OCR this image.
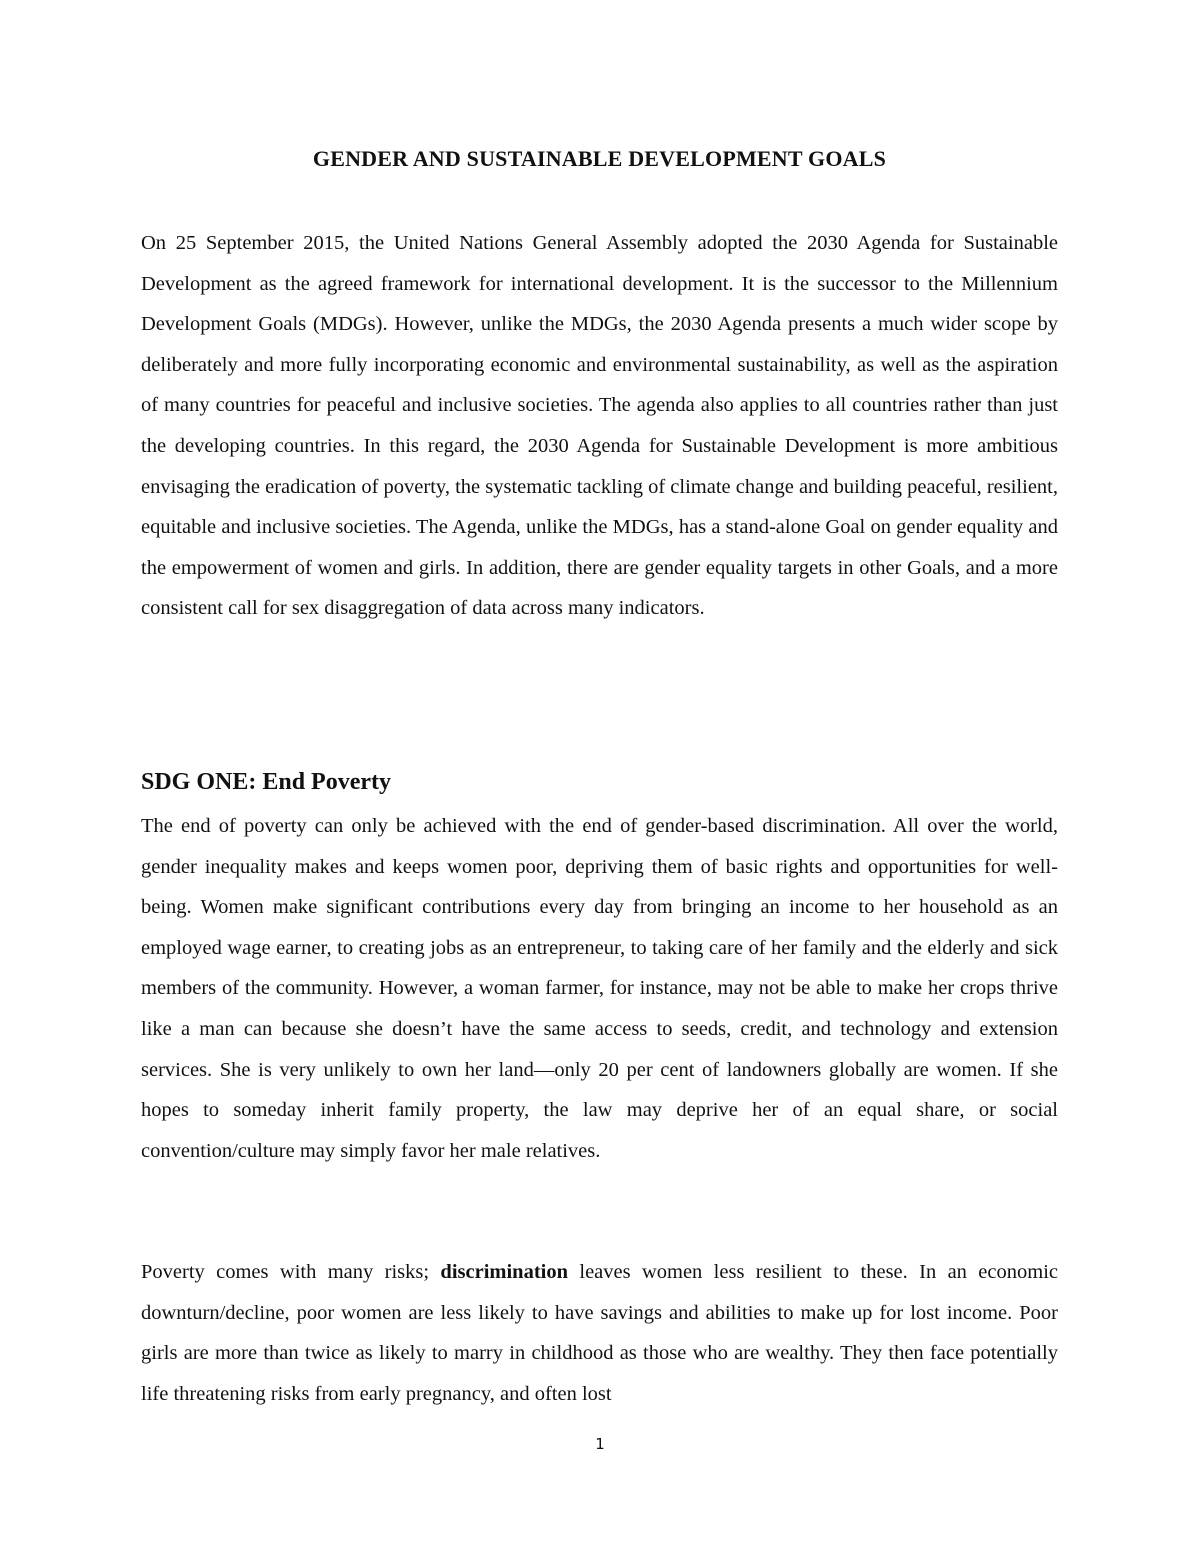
GENDER AND SUSTAINABLE DEVELOPMENT GOALS

On 25 September 2015, the United Nations General Assembly adopted the 2030 Agenda for Sustainable Development as the agreed framework for international development. It is the successor to the Millennium Development Goals (MDGs). However, unlike the MDGs, the 2030 Agenda presents a much wider scope by deliberately and more fully incorporating economic and environmental sustainability, as well as the aspiration of many countries for peaceful and inclusive societies. The agenda also applies to all countries rather than just the developing countries. In this regard, the 2030 Agenda for Sustainable Development is more ambitious envisaging the eradication of poverty, the systematic tackling of climate change and building peaceful, resilient, equitable and inclusive societies. The Agenda, unlike the MDGs, has a stand-alone Goal on gender equality and the empowerment of women and girls. In addition, there are gender equality targets in other Goals, and a more consistent call for sex disaggregation of data across many indicators.

SDG ONE: End Poverty

The end of poverty can only be achieved with the end of gender-based discrimination. All over the world, gender inequality makes and keeps women poor, depriving them of basic rights and opportunities for well-being. Women make significant contributions every day from bringing an income to her household as an employed wage earner, to creating jobs as an entrepreneur, to taking care of her family and the elderly and sick members of the community. However, a woman farmer, for instance, may not be able to make her crops thrive like a man can because she doesn’t have the same access to seeds, credit, and technology and extension services. She is very unlikely to own her land—only 20 per cent of landowners globally are women. If she hopes to someday inherit family property, the law may deprive her of an equal share, or social convention/culture may simply favor her male relatives.

Poverty comes with many risks; discrimination leaves women less resilient to these. In an economic downturn/decline, poor women are less likely to have savings and abilities to make up for lost income. Poor girls are more than twice as likely to marry in childhood as those who are wealthy. They then face potentially life threatening risks from early pregnancy, and often lost

1
